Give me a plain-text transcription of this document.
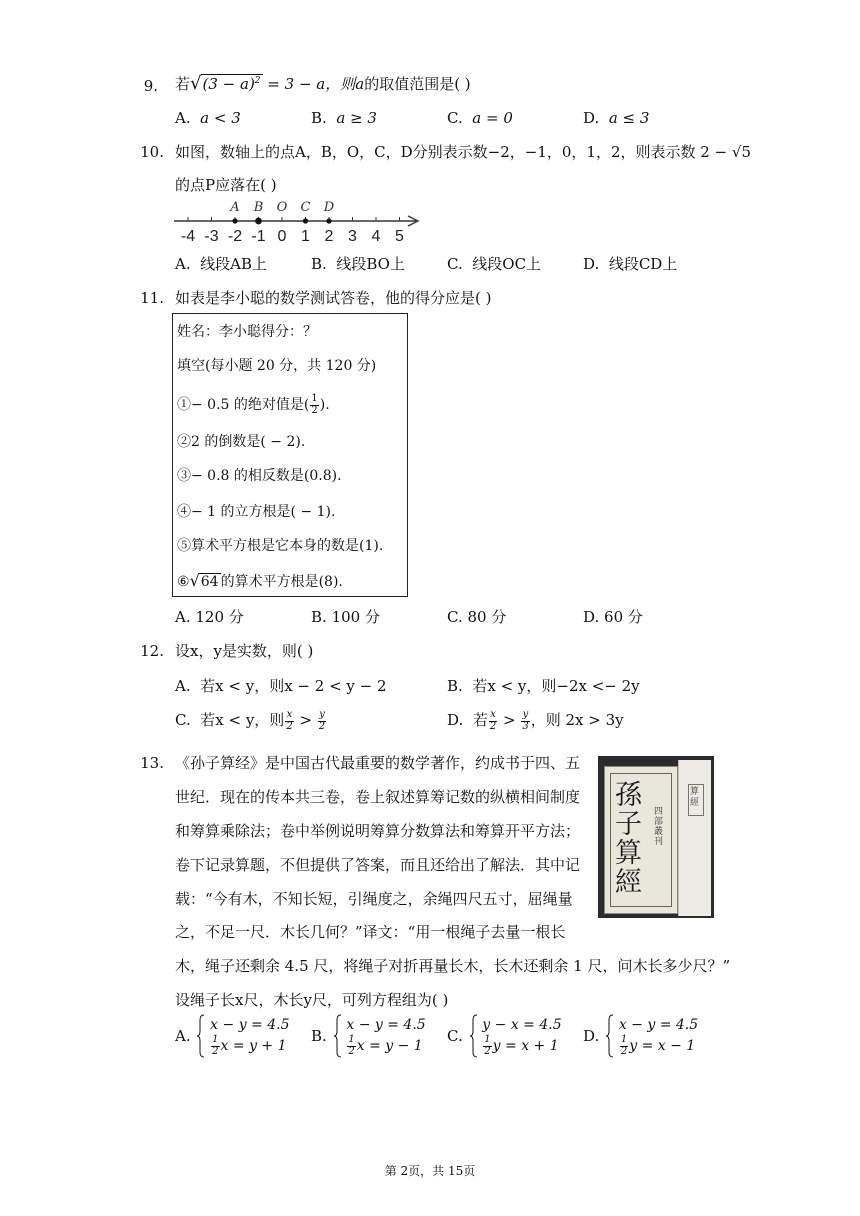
9. 若$√(3 - a)^2 = 3 - a$，则a的取值范围是( )
A. a < 3	B. a ≥ 3	C. a = 0	D. a ≤ 3
10. 如图，数轴上的点A，B，O，C，D分别表示数−2，−1，0，1，2，则表示数 2 − √5
的点P应落在( )
-4 -3 -2 -1 0 1 2 3 4 5
A B O C D
A. 线段AB上	B. 线段BO上	C. 线段OC上	D. 线段CD上
11. 如表是李小聪的数学测试答卷，他的得分应是( )
姓名：李小聪得分：？
填空(每小题 20 分，共 120 分)
①− 0.5 的绝对值是( $\frac{1}{2}$ ).
②2 的倒数是( − 2).
③− 0.8 的相反数是(0.8).
④− 1 的立方根是( − 1).
⑤算术平方根是它本身的数是(1).
⑥√64 的算术平方根是(8).
A. 120 分	B. 100 分	C. 80 分	D. 60 分
12. 设x，y是实数，则( )
A. 若x < y，则x − 2 < y − 2	B. 若x < y，则−2x <− 2y
C. 若x < y，则 $\frac{x}{2} > \frac{y}{2}$	D. 若 $\frac{x}{2} > \frac{y}{3}$ ，则 2x > 3y
13. 《孙子算经》是中国古代最重要的数学著作，约成书于四、五
世纪．现在的传本共三卷，卷上叙述算筹记数的纵横相间制度
和筹算乘除法；卷中举例说明筹算分数算法和筹算开平方法；
卷下记录算题，不但提供了答案，而且还给出了解法．其中记
载：“今有木，不知长短，引绳度之，余绳四尺五寸，屈绳量
之，不足一尺．木长几何？”译文：“用一根绳子去量一根长
木，绳子还剩余 4.5 尺，将绳子对折再量长木，长木还剩余 1 尺，问木长多少尺？”
设绳子长x尺，木长y尺，可列方程组为( )
孫子算經
四部叢刊
算經
A.
x − y = 4.5
$\frac{1}{2}$ x = y + 1
B.
x − y = 4.5
$\frac{1}{2}$ x = y − 1
C.
y − x = 4.5
$\frac{1}{2}$ y = x + 1
D.
x − y = 4.5
$\frac{1}{2}$ y = x − 1
第 2页，共 15页
